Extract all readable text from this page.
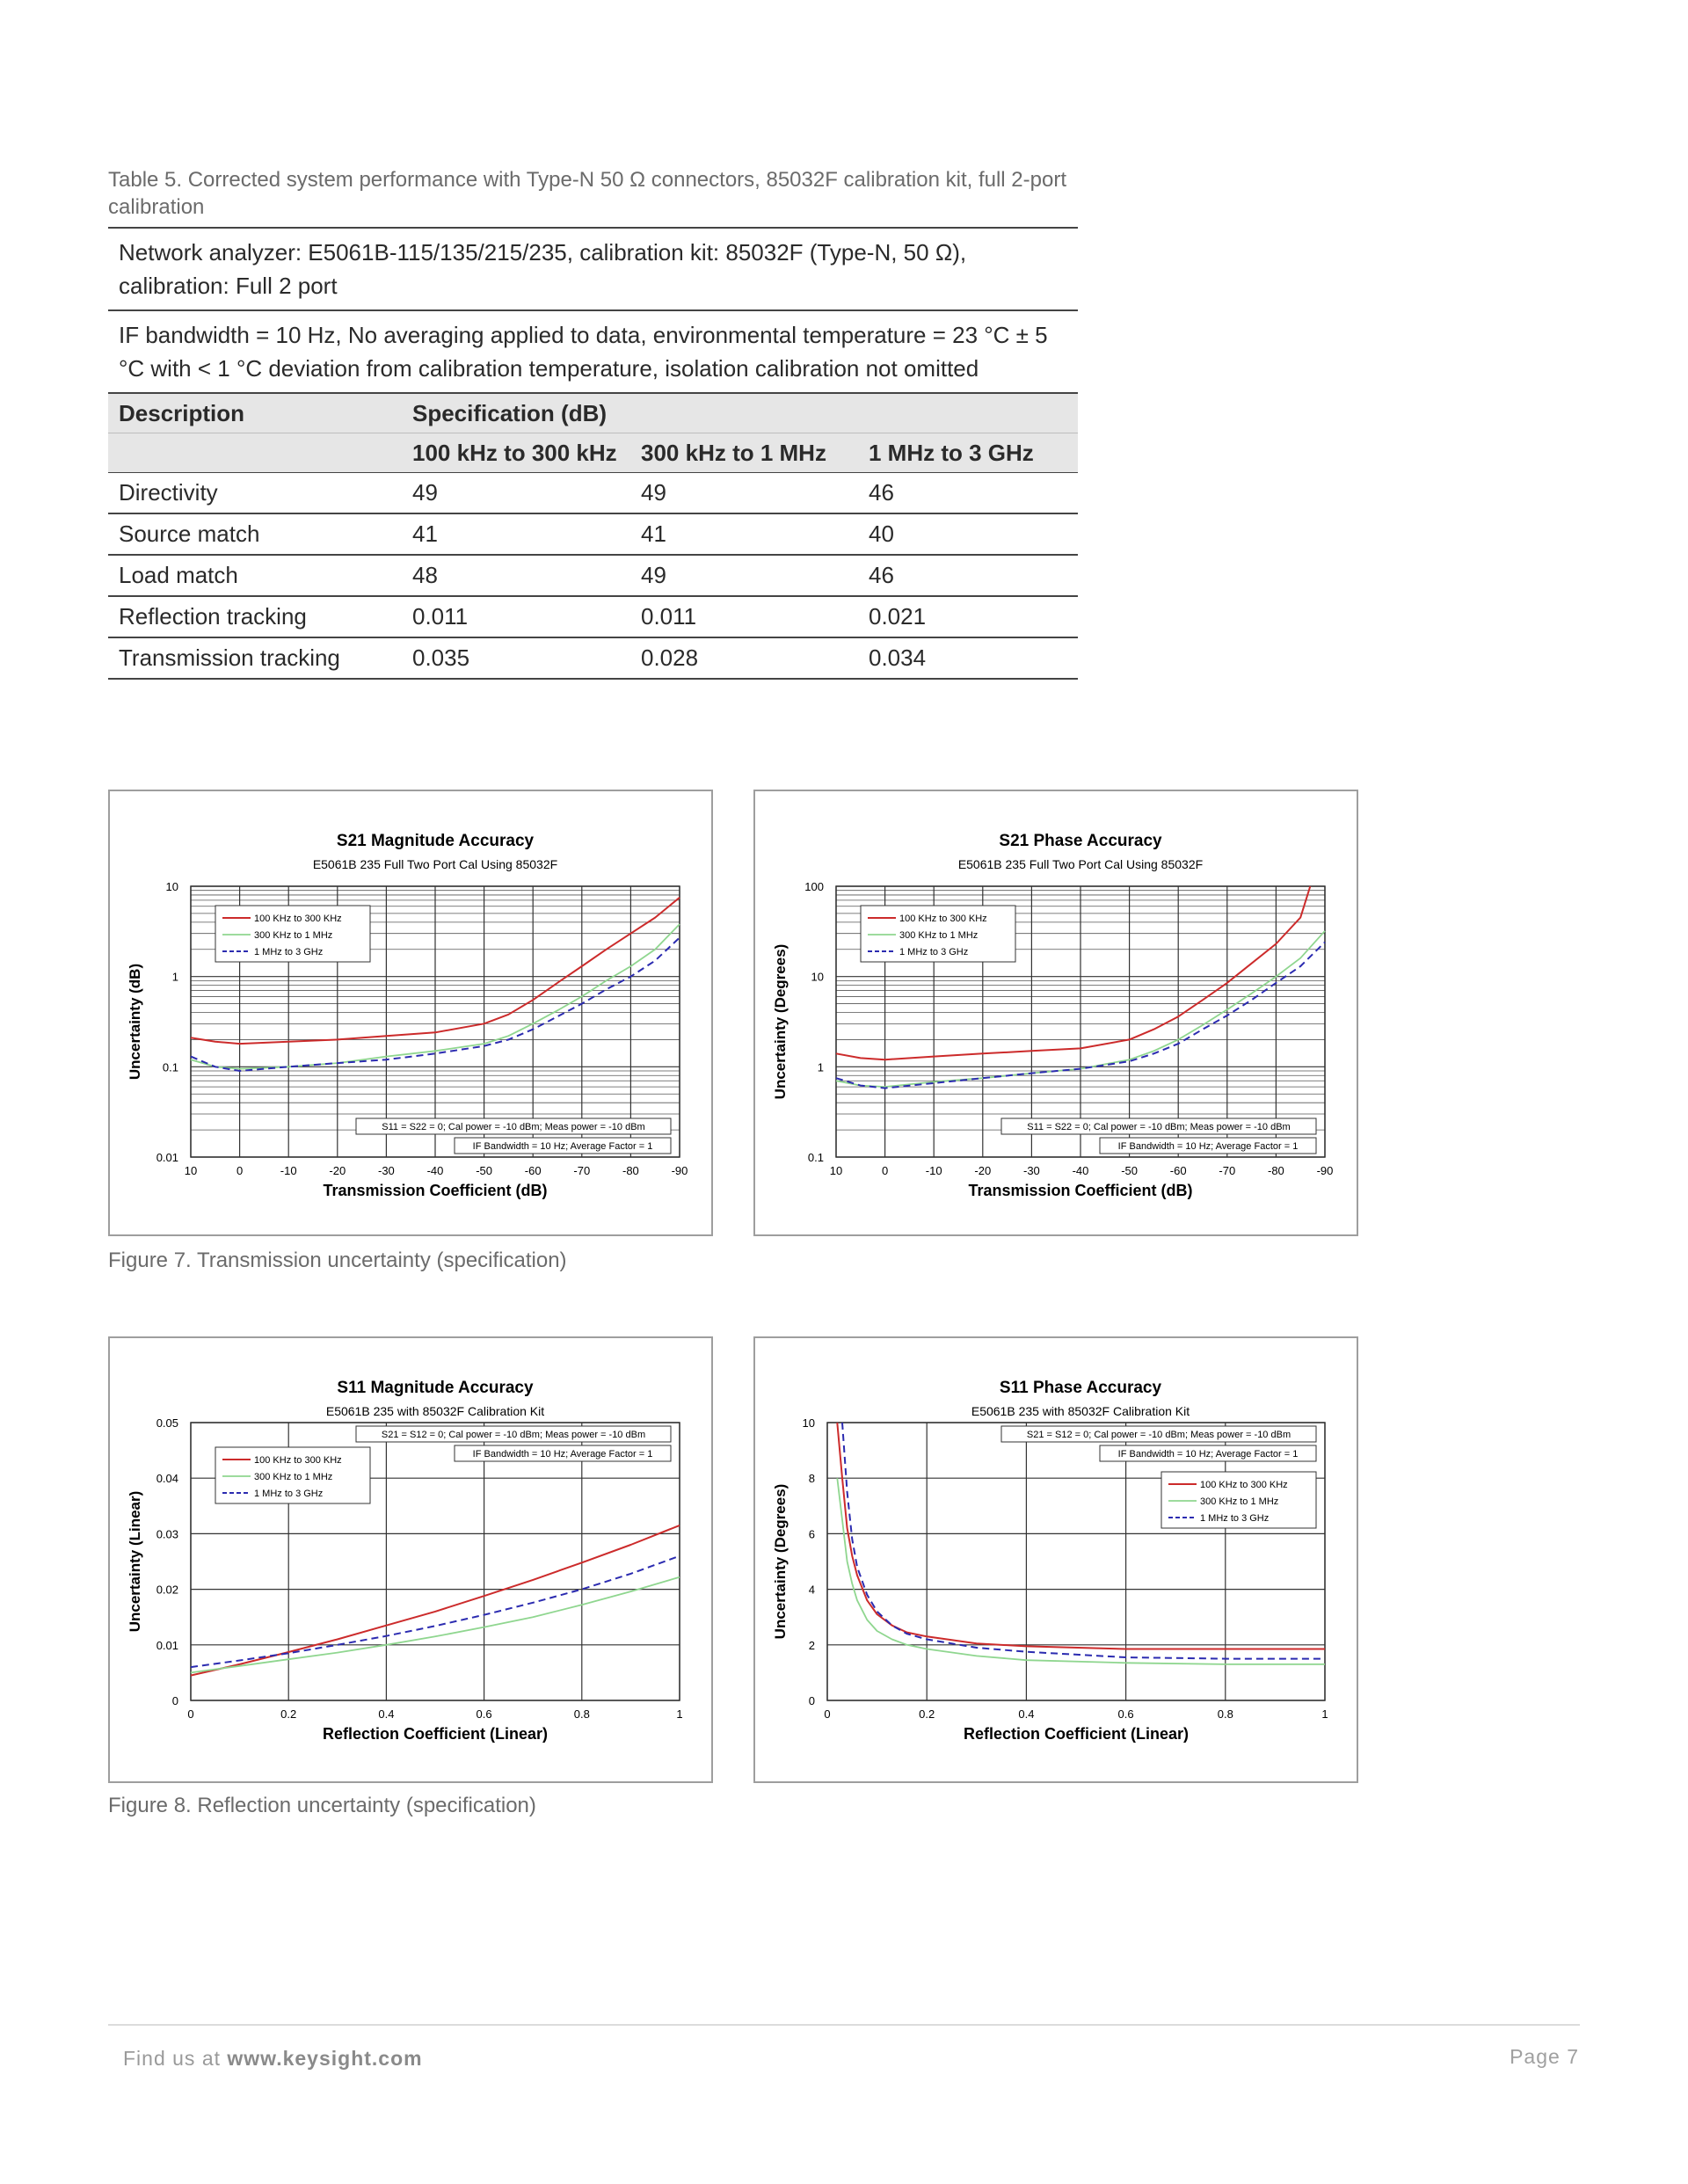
Table 5. Corrected system performance with Type-N 50 Ω connectors, 85032F calibration kit, full 2-port calibration
Network analyzer: E5061B-115/135/215/235, calibration kit: 85032F (Type-N, 50 Ω), calibration: Full 2 port			
IF bandwidth = 10 Hz, No averaging applied to data, environmental temperature = 23 °C ± 5 °C with < 1 °C deviation from calibration temperature, isolation calibration not omitted			
Description	Specification (dB)		
	100 kHz to 300 kHz	300 kHz to 1 MHz	1 MHz to 3 GHz
Directivity	49	49	46
Source match	41	41	40
Load match	48	49	46
Reflection tracking	0.011	0.011	0.021
Transmission tracking	0.035	0.028	0.034
10	0	-10	-20	-30	-40	-50	-60	-70	-80	-90
0.01
0.1
1
10
S21 Magnitude Accuracy
E5061B 235 Full Two Port Cal Using 85032F
Transmission Coefficient (dB)
Uncertainty (dB)
100 KHz to 300 KHz
300 KHz to 1 MHz
1 MHz to 3 GHz
S11 = S22 = 0; Cal power = -10 dBm; Meas power = -10 dBm
IF Bandwidth = 10 Hz; Average Factor = 1
10	0	-10	-20	-30	-40	-50	-60	-70	-80	-90
0.1
1
10
100
S21 Phase Accuracy
E5061B 235 Full Two Port Cal Using 85032F
Transmission Coefficient (dB)
Uncertainty (Degrees)
100 KHz to 300 KHz
300 KHz to 1 MHz
1 MHz to 3 GHz
S11 = S22 = 0; Cal power = -10 dBm; Meas power = -10 dBm
IF Bandwidth = 10 Hz; Average Factor = 1
Figure 7. Transmission uncertainty (specification)
0	0.2	0.4	0.6	0.8	1
0
0.01
0.02
0.03
0.04
0.05
S11 Magnitude Accuracy
E5061B 235 with 85032F Calibration Kit
Reflection Coefficient (Linear)
Uncertainty (Linear)
100 KHz to 300 KHz
300 KHz to 1 MHz
1 MHz to 3 GHz
S21 = S12 = 0; Cal power = -10 dBm; Meas power = -10 dBm
IF Bandwidth = 10 Hz; Average Factor = 1
0	0.2	0.4	0.6	0.8	1
0
2
4
6
8
10
S11 Phase Accuracy
E5061B 235 with 85032F Calibration Kit
Reflection Coefficient (Linear)
Uncertainty (Degrees)	100 KHz to 300 KHz
300 KHz to 1 MHz
1 MHz to 3 GHz
S21 = S12 = 0; Cal power = -10 dBm; Meas power = -10 dBm
IF Bandwidth = 10 Hz; Average Factor = 1
Figure 8. Reflection uncertainty (specification)
Find us at www.keysight.com	Page 7
